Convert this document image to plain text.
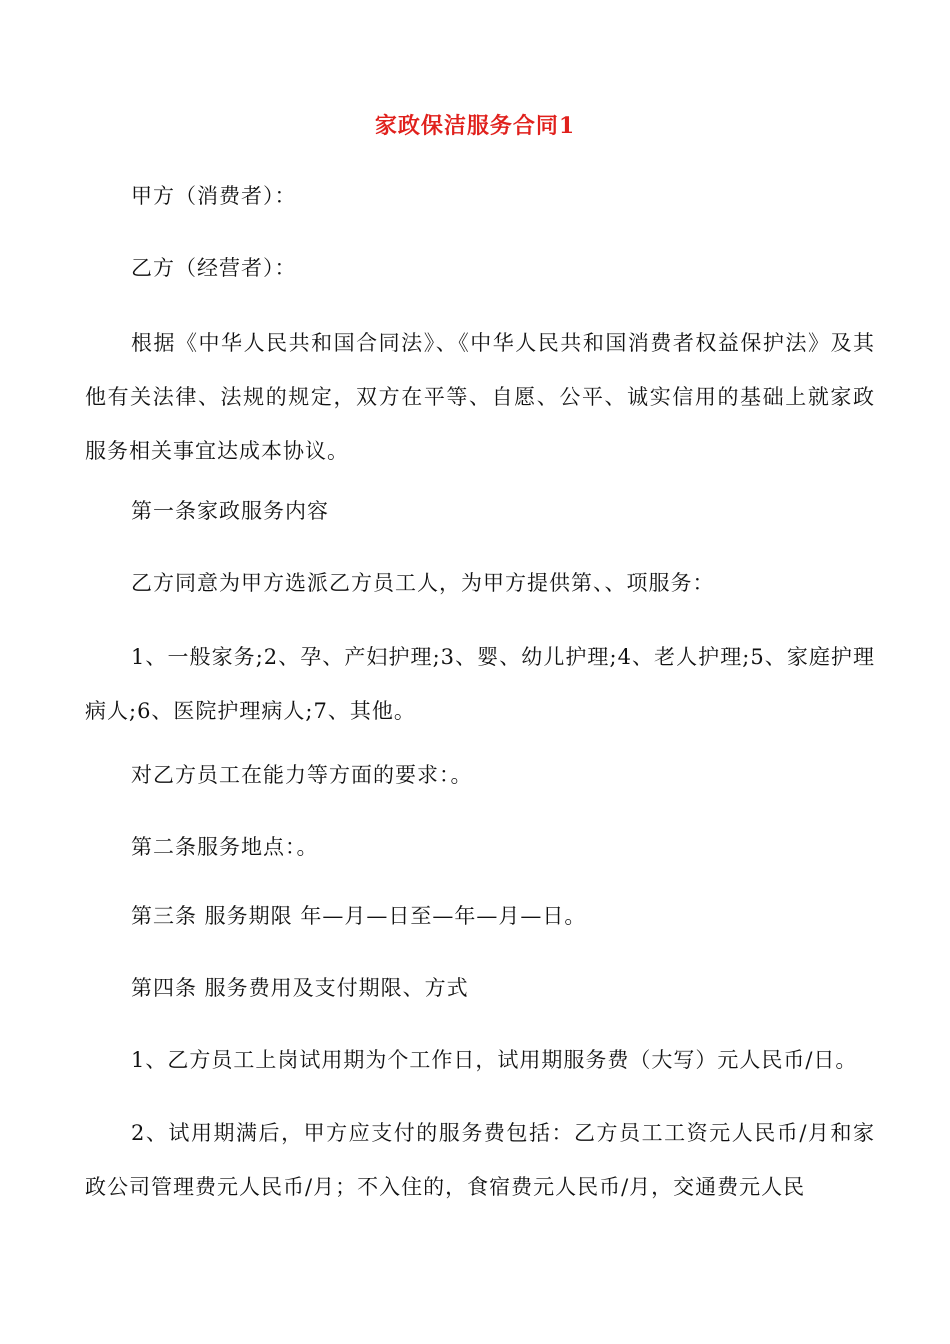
家政保洁服务合同1

甲方（消费者）：

乙方（经营者）：

根据《中华人民共和国合同法》、《中华人民共和国消费者权益保护法》及其 他有关法律、法规的规定，双方在平等、自愿、公平、诚实信用的基础上就家政 服务相关事宜达成本协议。

第一条家政服务内容

乙方同意为甲方选派乙方员工人，为甲方提供第、、项服务：

1、一般家务;2、孕、产妇护理;3、婴、幼儿护理;4、老人护理;5、家庭护理病人;6、医院护理病人;7、其他。

对乙方员工在能力等方面的要求：。

第二条服务地点：。

第三条 服务期限 年—月—日至—年—月—日。

第四条 服务费用及支付期限、方式

1、乙方员工上岗试用期为个工作日，试用期服务费（大写）元人民币/日。

2、试用期满后，甲方应支付的服务费包括：乙方员工工资元人民币/月和家政公司管理费元人民币/月；不入住的，食宿费元人民币/月，交通费元人民
